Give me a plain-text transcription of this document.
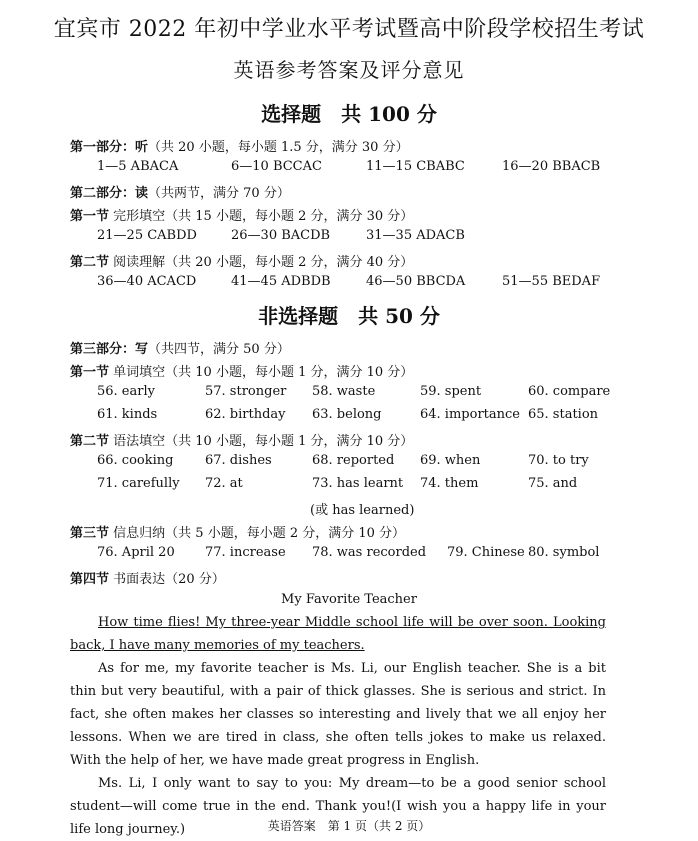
宜宾市 2022 年初中学业水平考试暨高中阶段学校招生考试
英语参考答案及评分意见
选择题　共 100 分
第一部分：听（共 20 小题，每小题 1.5 分，满分 30 分）
1—5 ABACA	6—10 BCCAC	11—15 CBABC	16—20 BBACB
第二部分：读（共两节，满分 70 分）
第一节 完形填空（共 15 小题，每小题 2 分，满分 30 分）
21—25 CABDD	26—30 BACDB	31—35 ADACB
第二节 阅读理解（共 20 小题，每小题 2 分，满分 40 分）
36—40 ACACD	41—45 ADBDB	46—50 BBCDA	51—55 BEDAF
非选择题　共 50 分
第三部分：写（共四节，满分 50 分）
第一节 单词填空（共 10 小题，每小题 1 分，满分 10 分）
56. early	57. stronger 58. waste	59. spent	60. compare
61. kinds	62. birthday 63. belong	64. importance 65. station
第二节 语法填空（共 10 小题，每小题 1 分，满分 10 分）
66. cooking 67. dishes	68. reported 69. when	70. to try
71. carefully 72. at	73. has learnt 74. them	75. and
(或 has learned)
第三节 信息归纳（共 5 小题，每小题 2 分，满分 10 分）
76. April 20 77. increase 78. was recorded 79. Chinese 80. symbol
第四节 书面表达（20 分）
My Favorite Teacher

How time flies! My three-year Middle school life will be over soon. Looking back, I have many memories of my teachers.

As for me, my favorite teacher is Ms. Li, our English teacher. She is a bit thin but very beautiful, with a pair of thick glasses. She is serious and strict. In fact, she often makes her classes so interesting and lively that we all enjoy her lessons. When we are tired in class, she often tells jokes to make us relaxed. With the help of her, we have made great progress in English.

Ms. Li, I only want to say to you: My dream—to be a good senior school student—will come true in the end. Thank you!(I wish you a happy life in your life long journey.)	英语答案　第 1 页（共 2 页）
